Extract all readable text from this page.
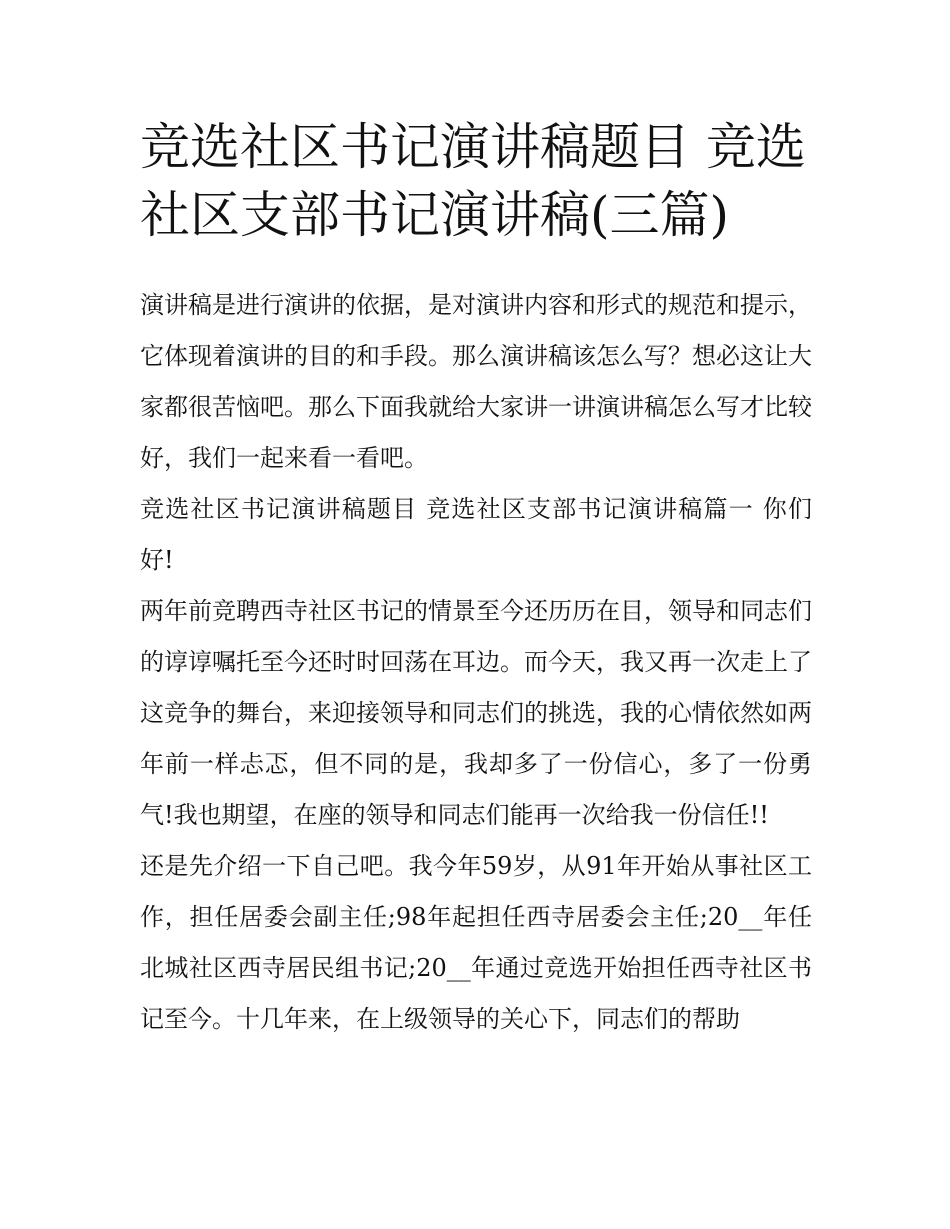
竞选社区书记演讲稿题目 竞选社区支部书记演讲稿(三篇)

演讲稿是进行演讲的依据，是对演讲内容和形式的规范和提示，它体现着演讲的目的和手段。那么演讲稿该怎么写？想必这让大家都很苦恼吧。那么下面我就给大家讲一讲演讲稿怎么写才比较好，我们一起来看一看吧。

竞选社区书记演讲稿题目 竞选社区支部书记演讲稿篇一 你们好!

两年前竞聘西寺社区书记的情景至今还历历在目，领导和同志们的谆谆嘱托至今还时时回荡在耳边。而今天，我又再一次走上了这竞争的舞台，来迎接领导和同志们的挑选，我的心情依然如两年前一样忐忑，但不同的是，我却多了一份信心，多了一份勇气!我也期望，在座的领导和同志们能再一次给我一份信任!!

还是先介绍一下自己吧。我今年59岁，从91年开始从事社区工作，担任居委会副主任;98年起担任西寺居委会主任;20__年任北城社区西寺居民组书记;20__年通过竞选开始担任西寺社区书记至今。十几年来，在上级领导的关心下，同志们的帮助
